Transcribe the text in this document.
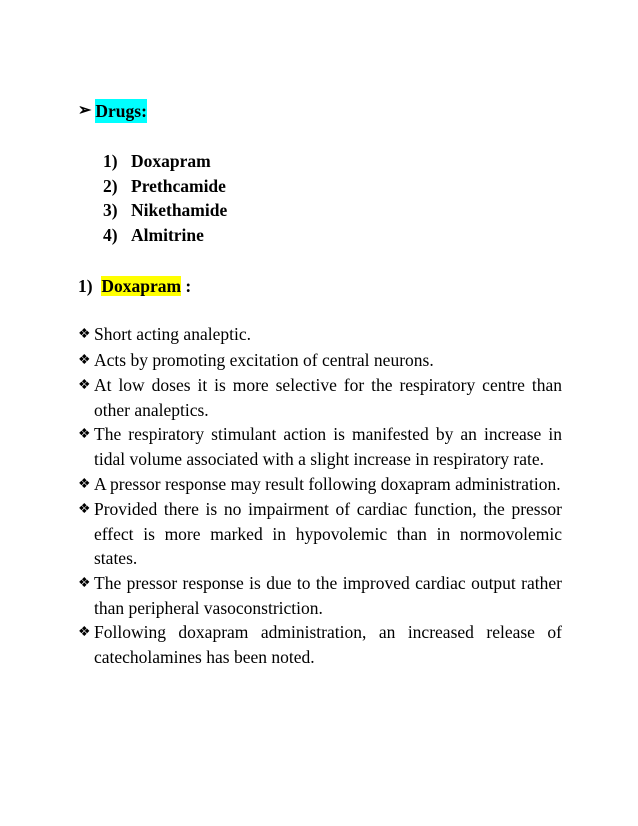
➢ Drugs:
1) Doxapram
2) Prethcamide
3) Nikethamide
4) Almitrine
1) Doxapram :
❖ Short acting analeptic.
❖ Acts by promoting excitation of central neurons.
❖ At low doses it is more selective for the respiratory centre than other analeptics.
❖ The respiratory stimulant action is manifested by an increase in tidal volume associated with a slight increase in respiratory rate.
❖ A pressor response may result following doxapram administration.
❖ Provided there is no impairment of cardiac function, the pressor effect is more marked in hypovolemic than in normovolemic states.
❖ The pressor response is due to the improved cardiac output rather than peripheral vasoconstriction.
❖ Following doxapram administration, an increased release of catecholamines has been noted.
